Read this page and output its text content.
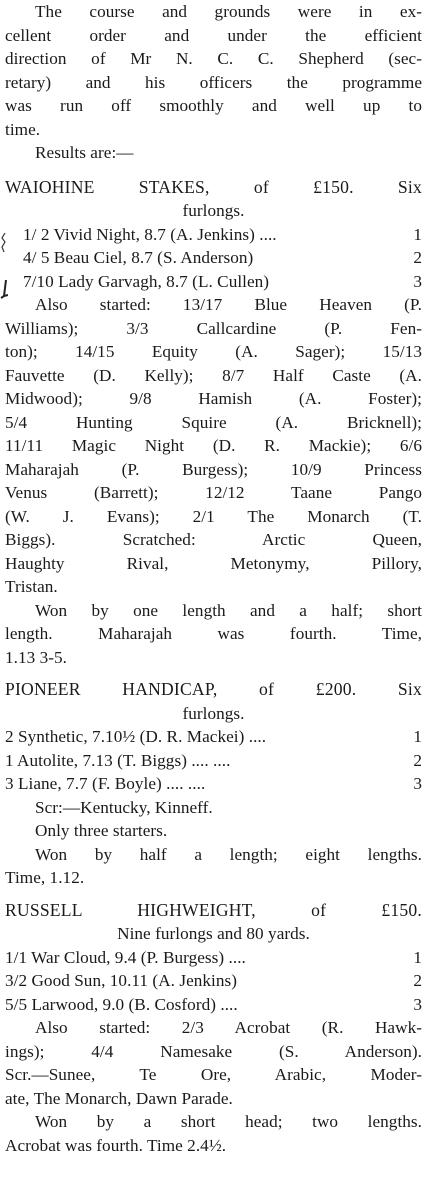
The course and grounds were in ex-
cellent order and under the efficient
direction of Mr N. C. C. Shepherd (sec-
retary) and his officers the programme
was run off smoothly and well up to
time.
Results are:—
WAIOHINE STAKES, of £150. Six
furlongs.
1/ 2 Vivid Night, 8.7 (A. Jenkins) ....	1
4/ 5 Beau Ciel, 8.7 (S. Anderson)	2
7/10 Lady Garvagh, 8.7 (L. Cullen)	3
Also started: 13/17 Blue Heaven (P.
Williams); 3/3 Callcardine (P. Fen-
ton); 14/15 Equity (A. Sager); 15/13
Fauvette (D. Kelly); 8/7 Half Caste (A.
Midwood); 9/8 Hamish (A. Foster);
5/4 Hunting Squire (A. Bricknell);
11/11 Magic Night (D. R. Mackie); 6/6
Maharajah (P. Burgess); 10/9 Princess
Venus (Barrett); 12/12 Taane Pango
(W. J. Evans); 2/1 The Monarch (T.
Biggs). Scratched: Arctic Queen,
Haughty Rival, Metonymy, Pillory,
Tristan.
Won by one length and a half; short
length. Maharajah was fourth. Time,
1.13 3-5.
PIONEER HANDICAP, of £200. Six
furlongs.
2 Synthetic, 7.10½ (D. R. Mackei) ....	1
1 Autolite, 7.13 (T. Biggs) .... ....	2
3 Liane, 7.7 (F. Boyle) .... ....	3
Scr:—Kentucky, Kinneff.
Only three starters.
Won by half a length; eight lengths.
Time, 1.12.
RUSSELL HIGHWEIGHT, of £150.
Nine furlongs and 80 yards.
1/1 War Cloud, 9.4 (P. Burgess) ....	1
3/2 Good Sun, 10.11 (A. Jenkins)	2
5/5 Larwood, 9.0 (B. Cosford) ....	3
Also started: 2/3 Acrobat (R. Hawk-
ings); 4/4 Namesake (S. Anderson).
Scr.—Sunee, Te Ore, Arabic, Moder-
ate, The Monarch, Dawn Parade.
Won by a short head; two lengths.
Acrobat was fourth. Time 2.4½.
